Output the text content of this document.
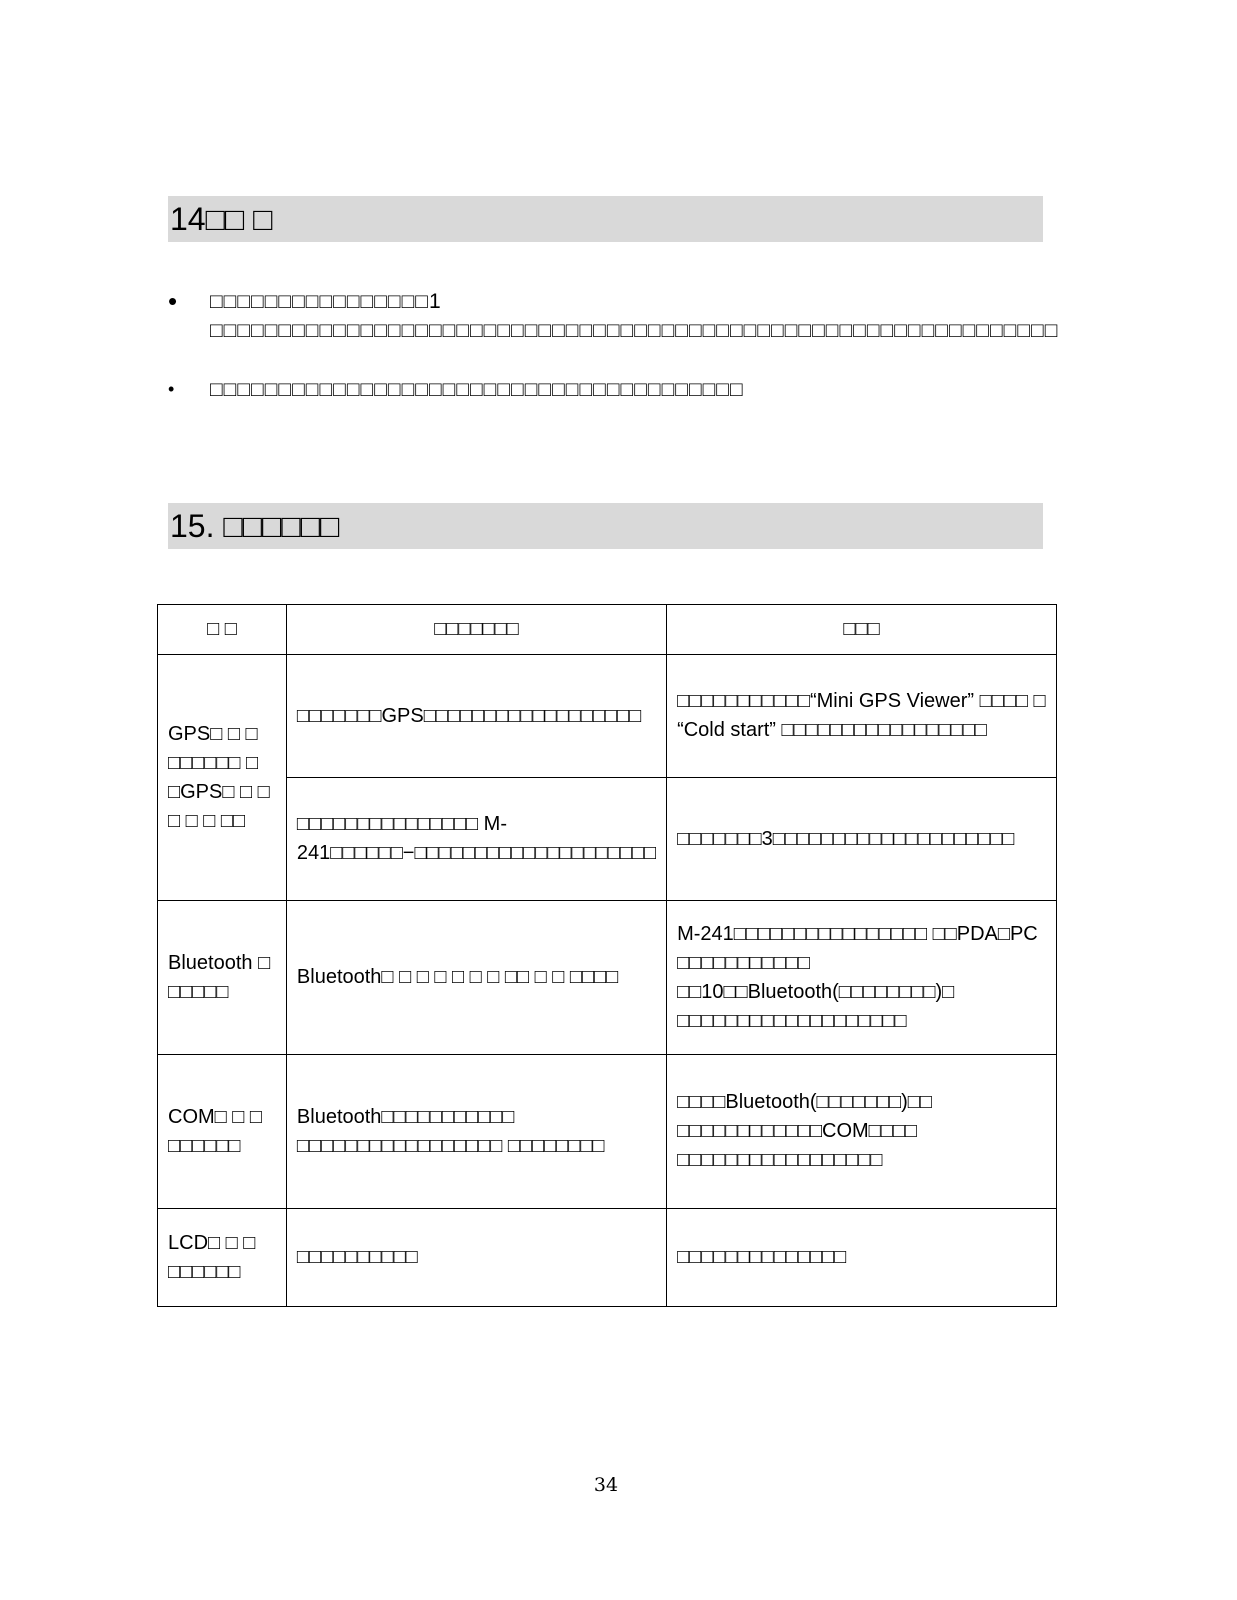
14□□ □
•	□□□□□□□□□□□□□□□□1 □□□□□□□□□□□□□□□□□□□□□□□□□□□□□□□□□□□□□□□□□□□□□□□□□□□□□□□□□□□□□□
•	□□□□□□□□□□□□□□□□□□□□□□□□□□□□□□□□□□□□□□□
15. □□□□□□
□ □	□□□□□□□	□□□
GPS□ □ □ □□□□□□ □ □GPS□ □ □ □ □ □ □□	□□□□□□□GPS□□□□□□□□□□□□□□□□□□	□□□□□□□□□□□“Mini GPS Viewer” □□□□ □ “Cold start” □□□□□□□□□□□□□□□□□
	□□□□□□□□□□□□□□□ M-241□□□□□□−□□□□□□□□□□□□□□□□□□□□	□□□□□□□3□□□□□□□□□□□□□□□□□□□□
Bluetooth □ □□□□□	Bluetooth□ □ □ □ □ □ □ □□ □ □ □□□□	M-241□□□□□□□□□□□□□□□□ □□PDA□PC □□□□□□□□□□□ □□10□□Bluetooth(□□□□□□□□)□ □□□□□□□□□□□□□□□□□□□
COM□ □ □ □□□□□□	Bluetooth□□□□□□□□□□□ □□□□□□□□□□□□□□□□□ □□□□□□□□	□□□□Bluetooth(□□□□□□□)□□ □□□□□□□□□□□□COM□□□□ □□□□□□□□□□□□□□□□□
LCD□ □ □ □□□□□□	□□□□□□□□□□	□□□□□□□□□□□□□□
34
